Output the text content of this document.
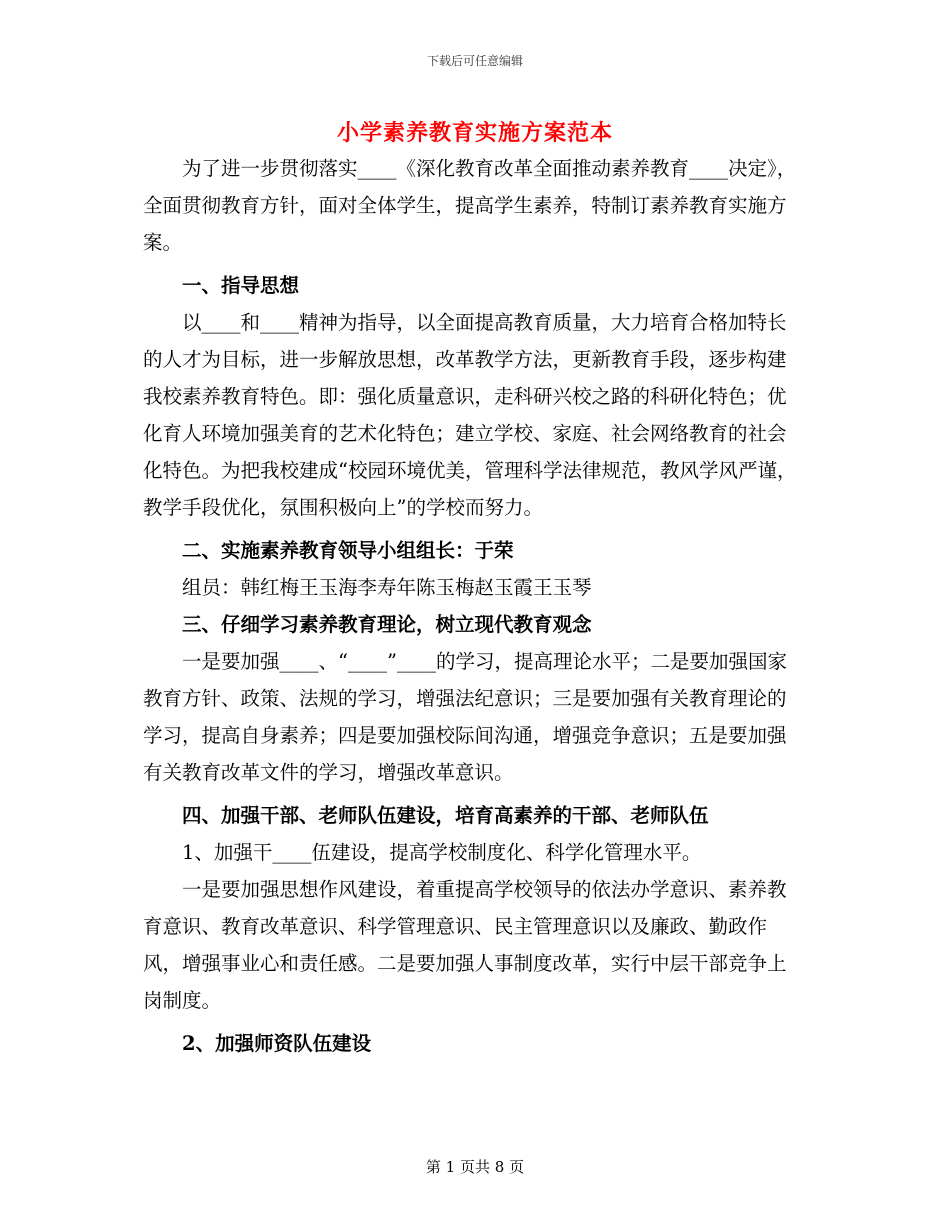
下载后可任意编辑
小学素养教育实施方案范本

为了进一步贯彻落实____《深化教育改革全面推动素养教育____决定》，全面贯彻教育方针，面对全体学生，提高学生素养，特制订素养教育实施方案。

一、指导思想

以____和____精神为指导，以全面提高教育质量，大力培育合格加特长的人才为目标，进一步解放思想，改革教学方法，更新教育手段，逐步构建我校素养教育特色。即：强化质量意识，走科研兴校之路的科研化特色；优化育人环境加强美育的艺术化特色；建立学校、家庭、社会网络教育的社会化特色。为把我校建成“校园环境优美，管理科学法律规范，教风学风严谨，教学手段优化，氛围积极向上”的学校而努力。

二、实施素养教育领导小组组长：于荣

组员：韩红梅王玉海李寿年陈玉梅赵玉霞王玉琴

三、仔细学习素养教育理论，树立现代教育观念

一是要加强____、“____”____的学习，提高理论水平；二是要加强国家教育方针、政策、法规的学习，增强法纪意识；三是要加强有关教育理论的学习，提高自身素养；四是要加强校际间沟通，增强竞争意识；五是要加强有关教育改革文件的学习，增强改革意识。

四、加强干部、老师队伍建设，培育高素养的干部、老师队伍

1、加强干____伍建设，提高学校制度化、科学化管理水平。

一是要加强思想作风建设，着重提高学校领导的依法办学意识、素养教育意识、教育改革意识、科学管理意识、民主管理意识以及廉政、勤政作风，增强事业心和责任感。二是要加强人事制度改革，实行中层干部竞争上岗制度。

2、加强师资队伍建设

第 1 页共 8 页
